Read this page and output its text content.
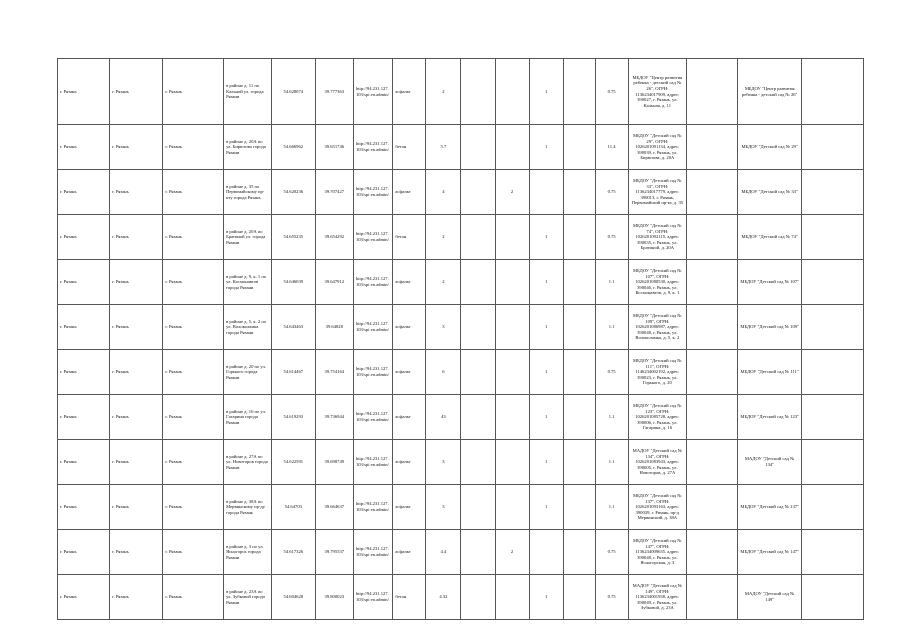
г. Рязань	г. Рязань	г. Рязань	в районе д. 11 по Кальной ул. города Рязани	54.628074	39.777363	http://94.231.127.103/spi en.admin/	асфальт	2			1		0.75	МБДОУ "Центр развития ребенка - детский сад № 26", ОГРН: 1136234017909, адрес: 390027, г. Рязань, ул. Кальная, д. 11		МБДОУ "Центр развития ребенка - детский сад № 26"	
г. Рязань	г. Рязань	г. Рязань	в районе д. 20А по ул. Бирюзова города Рязани	54.666962	39.651746	http://94.231.127.103/spi en.admin/	бетон	5.7			1		11.4	МБДОУ "Детский сад № 29", ОГРН: 1026201091134, адрес: 390039, г. Рязань, ул. Бирюзова, д. 20А		МБДОУ "Детский сад № 29"	
г. Рязань	г. Рязань	г. Рязань	в районе д. 35 по Первомайскому пр-кту города Рязань	54.620236	39.707427	http://94.231.127.103/spi en.admin/	асфальт	4		2			0.75	МБДОУ "Детский сад № 33", ОГРН: 1136234017779, адрес: 390013, г. Рязань, Первомайский пр-кт, д. 35		МБДОУ "Детский сад № 33"	
г. Рязань	г. Рязань	г. Рязань	в районе д. 20А по Братиной ул. города Рязани	54.655235	39.654292	http://94.231.127.103/spi en.admin/	бетон	2			1		0.75	МБДОУ "Детский сад № 74", ОГРН: 1026201092115, адрес: 390035, г. Рязань, ул. Братиной, д. 20А		МБДОУ "Детский сад № 74"	
г. Рязань	г. Рязань	г. Рязань	в районе д. 9, к. 1 по ул. Космонавтов города Рязани	54.646039	39.647912	http://94.231.127.103/spi en.admin/	асфальт	2			1		1.1	МБДОУ "Детский сад № 107", ОГРН: 1026201080530, адрес: 390046, г. Рязань, ул. Космонавтов, д. 9, к. 1		МБДОУ "Детский сад № 107"	
г. Рязань	г. Рязань	г. Рязань	в районе д. 5, к. 2 по ул. Волоколамка города Рязани	54.643463	39.64828	http://94.231.127.103/spi en.admin/	асфальт	3			1		1.1	МБДОУ "Детский сад № 109", ОГРН: 1026201086987, адрес: 390048, г. Рязань, ул. Волоколамка, д. 5, к. 2		МБДОУ "Детский сад № 109"	
г. Рязань	г. Рязань	г. Рязань	в районе д. 20 по ул. Горького города Рязани	54.614467	39.754164	http://94.231.127.103/spi en.admin/	асфальт	6			1		0.75	МБДОУ "Детский сад № 111", ОГРН: 1146234002192, адрес: 390023, г. Рязань, ул. Горького, д. 20		МБДОУ "Детский сад № 111"	
г. Рязань	г. Рязань	г. Рязань	в районе д. 16 по ул. Гагарина города Рязани	54.619293	39.736944	http://94.231.127.103/spi en.admin/	асфальт	43			1		1.1	МБДОУ "Детский сад № 123", ОГРН: 1026201085728, адрес: 390006, г. Рязань, ул. Гагарина, д. 16		МБДОУ "Детский сад № 123"	
г. Рязань	г. Рязань	г. Рязань	в районе д. 27А по ул. Новоторов города Рязани	54.622591	39.698749	http://94.231.127.103/spi en.admin/	асфальт	3			1		1.1	МАДОУ "Детский сад № 134", ОГРН: 1026201083943, адрес: 390005, г. Рязань, ул. Новоторов, д. 27А		МАДОУ "Детский сад № 134"	
г. Рязань	г. Рязань	г. Рязань	в районе д. 38А по Мервинскому пр-ду города Рязань	54.64703	39.664637	http://94.231.127.103/spi en.admin/	асфальт	3			1		1.1	МБДОУ "Детский сад № 137", ОГРН: 1026201093163, адрес: 390039, г. Рязань, пр-д Мервинский, д. 38А		МБДОУ "Детский сад № 137"	
г. Рязань	г. Рязань	г. Рязань	в районе д. 3 по ул. Ясногорск города Рязани	54.617326	39.795537	http://94.231.127.103/spi en.admin/	асфальт	4.4		2			0.75	МБДОУ "Детский сад № 147", ОГРН: 1136234009635, адрес: 390048, г. Рязань, ул. Ясногорская, д. 3		МБДОУ "Детский сад № 147"	
г. Рязань	г. Рязань	г. Рязань	в районе д. 23А по ул. Зубковой города Рязани	54.604628	39.800023	http://94.231.127.103/spi en.admin/	бетон	4.32			1		0.75	МАДОУ "Детский сад № 149", ОГРН: 1136234001938, адрес: 390049, г. Рязань, ул. Зубковой, д. 23А		МАДОУ "Детский сад № 149"	
